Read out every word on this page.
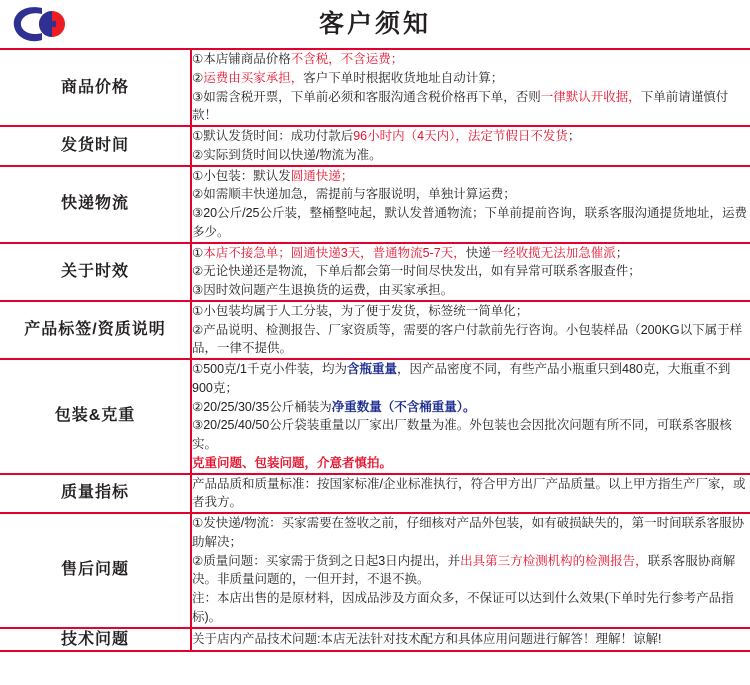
客户须知
商品价格	①本店铺商品价格不含税，不含运费；
②运费由买家承担，客户下单时根据收货地址自动计算；
③如需含税开票，下单前必须和客服沟通含税价格再下单，否则一律默认开收据，下单前请谨慎付款！

发货时间	①默认发货时间：成功付款后96小时内（4天内），法定节假日不发货；
②实际到货时间以快递/物流为准。

快递物流	①小包装：默认发圆通快递；
②如需顺丰快递加急，需提前与客服说明，单独计算运费；
③20公斤/25公斤装，整桶整吨起，默认发普通物流；下单前提前咨询，联系客服沟通提货地址，运费多少。

关于时效	①本店不接急单；圆通快递3天，普通物流5-7天，快递一经收揽无法加急催派；
②无论快递还是物流，下单后都会第一时间尽快发出，如有异常可联系客服查件；
③因时效问题产生退换货的运费，由买家承担。

产品标签/资质说明	①小包装均属于人工分装，为了便于发货，标签统一简单化；
②产品说明、检测报告、厂家资质等，需要的客户付款前先行咨询。小包装样品（200KG以下属于样品，一律不提供。

包装&克重	①500克/1千克小件装，均为含瓶重量，因产品密度不同，有些产品小瓶重只到480克，大瓶重不到900克；
②20/25/30/35公斤桶装为净重数量（不含桶重量）。
③20/25/40/50公斤袋装重量以厂家出厂数量为准。外包装也会因批次问题有所不同，可联系客服核实。
克重问题、包装问题，介意者慎拍。

质量指标	产品品质和质量标准：按国家标准/企业标准执行，符合甲方出厂产品质量。以上甲方指生产厂家，或者我方。

售后问题	①发快递/物流：买家需要在签收之前，仔细核对产品外包装，如有破损缺失的，第一时间联系客服协助解决；
②质量问题：买家需于货到之日起3日内提出，并出具第三方检测机构的检测报告，联系客服协商解决。非质量问题的，一但开封，不退不换。
注：本店出售的是原材料，因成品涉及方面众多，不保证可以达到什么效果(下单时先行参考产品指标)。

技术问题	关于店内产品技术问题:本店无法针对技术配方和具体应用问题进行解答！理解！谅解!
